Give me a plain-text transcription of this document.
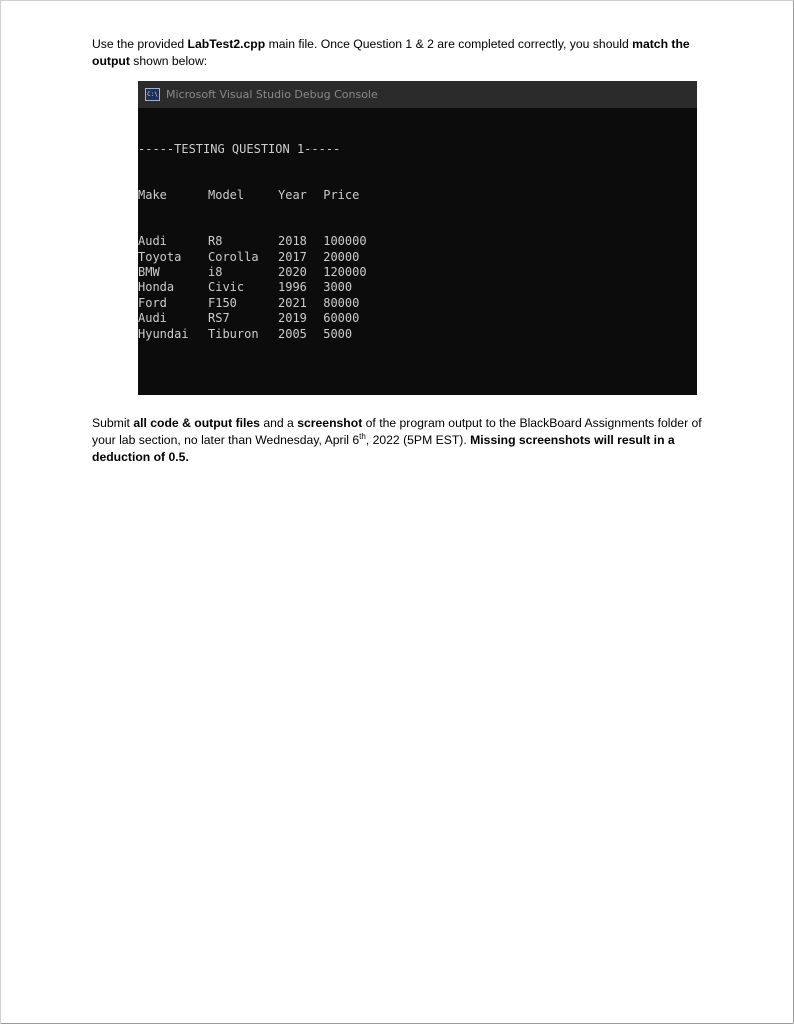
Use the provided LabTest2.cpp main file. Once Question 1 & 2 are completed correctly, you should match the output shown below:

C:\ Microsoft Visual Studio Debug Console

-----TESTING QUESTION 1-----

Make	Model	Year Price

Audi	R8	2018 100000
Toyota Corolla 2017 20000
BMW	i8	2020 120000
Honda	Civic	1996 3000
Ford	F150	2021 80000
Audi	RS7	2019 60000
Hyundai Tiburon 2005 5000

Submit all code & output files and a screenshot of the program output to the BlackBoard Assignments folder of your lab section, no later than Wednesday, April 6th, 2022 (5PM EST). Missing screenshots will result in a deduction of 0.5.
